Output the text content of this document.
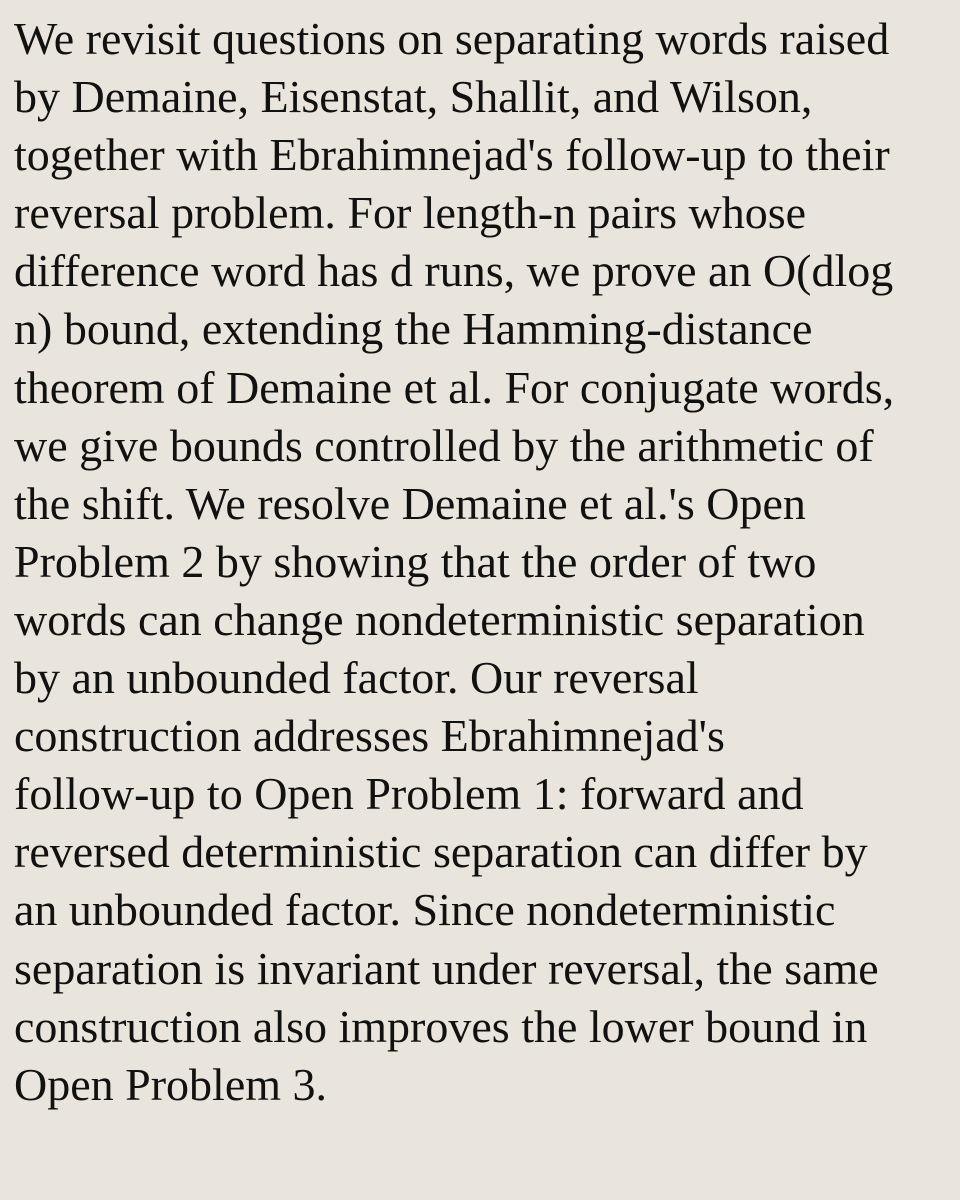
We revisit questions on separating words raised
by Demaine, Eisenstat, Shallit, and Wilson,
together with Ebrahimnejad's follow-up to their
reversal problem. For length-n pairs whose
difference word has d runs, we prove an O(dlog
n) bound, extending the Hamming-distance
theorem of Demaine et al. For conjugate words,
we give bounds controlled by the arithmetic of
the shift. We resolve Demaine et al.'s Open
Problem 2 by showing that the order of two
words can change nondeterministic separation
by an unbounded factor. Our reversal
construction addresses Ebrahimnejad's
follow-up to Open Problem 1: forward and
reversed deterministic separation can differ by
an unbounded factor. Since nondeterministic
separation is invariant under reversal, the same
construction also improves the lower bound in
Open Problem 3.
